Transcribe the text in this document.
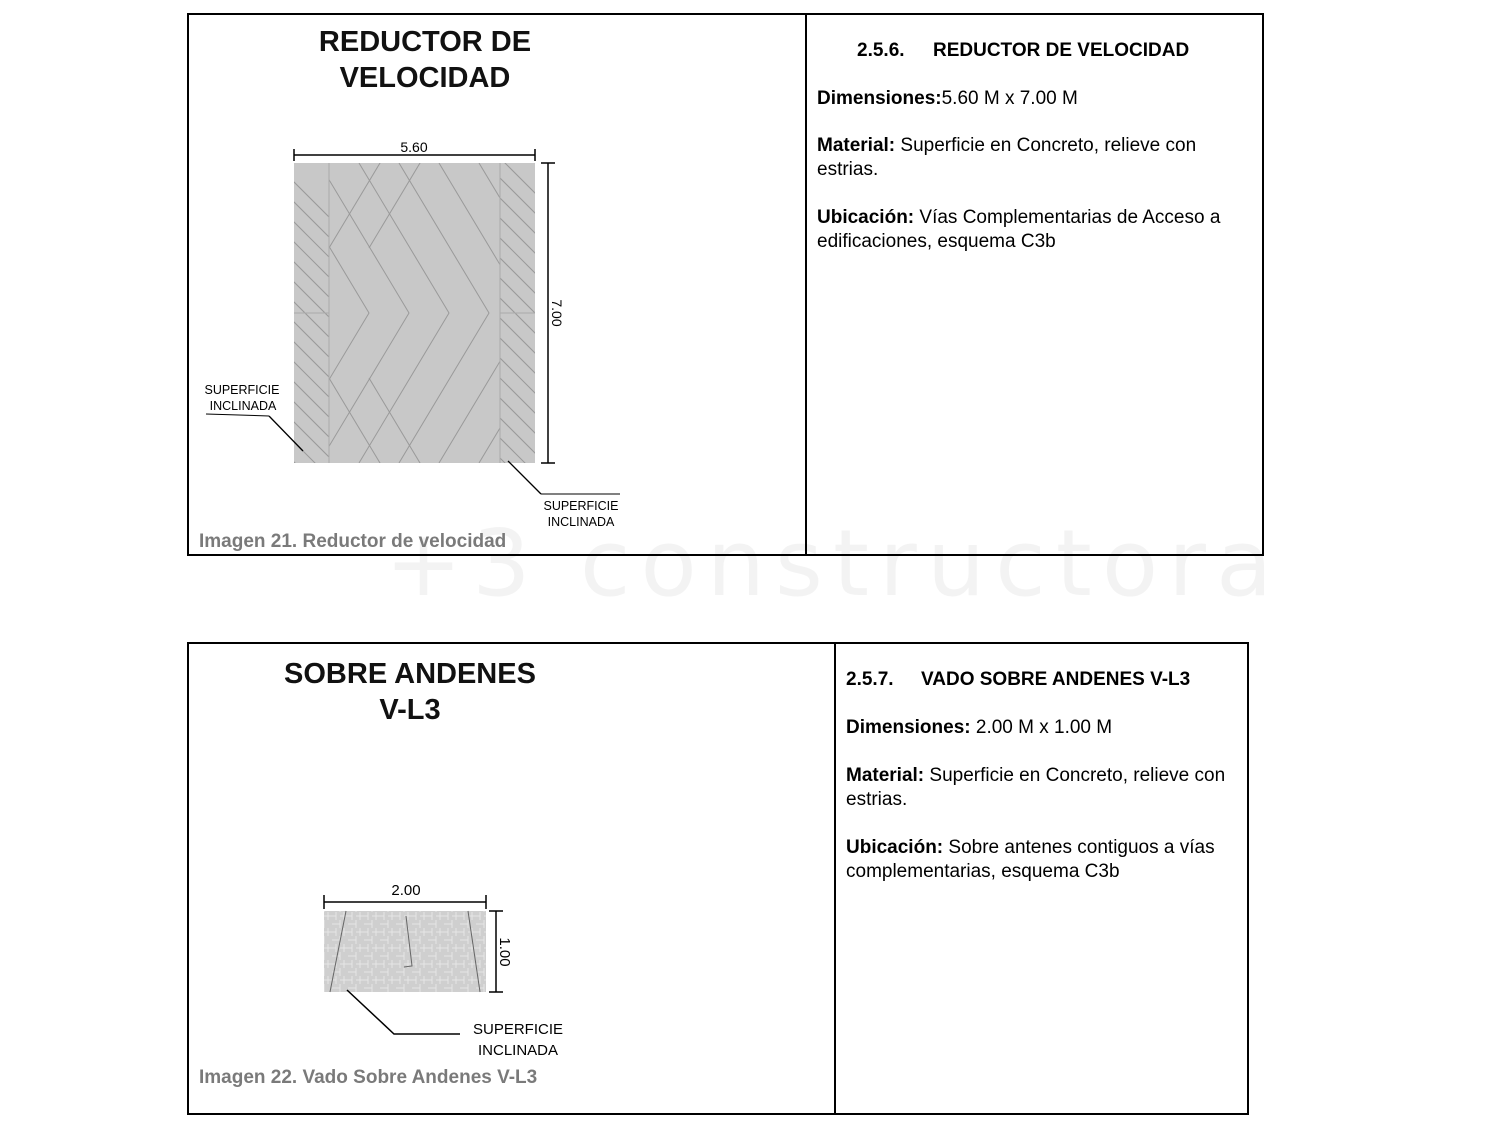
REDUCTOR DE
VELOCIDAD
5.60
7.00
SUPERFICIE
INCLINADA
SUPERFICIE
INCLINADA
Imagen 21. Reductor de velocidad
2.5.6. REDUCTOR DE VELOCIDAD
Dimensiones:5.60 M x 7.00 M
Material: Superficie en Concreto, relieve con estrias.
Ubicación: Vías Complementarias de Acceso a edificaciones, esquema C3b
SOBRE ANDENES
V-L3
2.00
1.00
SUPERFICIE
INCLINADA
Imagen 22. Vado Sobre Andenes V-L3
2.5.7. VADO SOBRE ANDENES V-L3
Dimensiones: 2.00 M x 1.00 M
Material: Superficie en Concreto, relieve con estrias.
Ubicación: Sobre antenes contiguos a vías complementarias, esquema C3b
